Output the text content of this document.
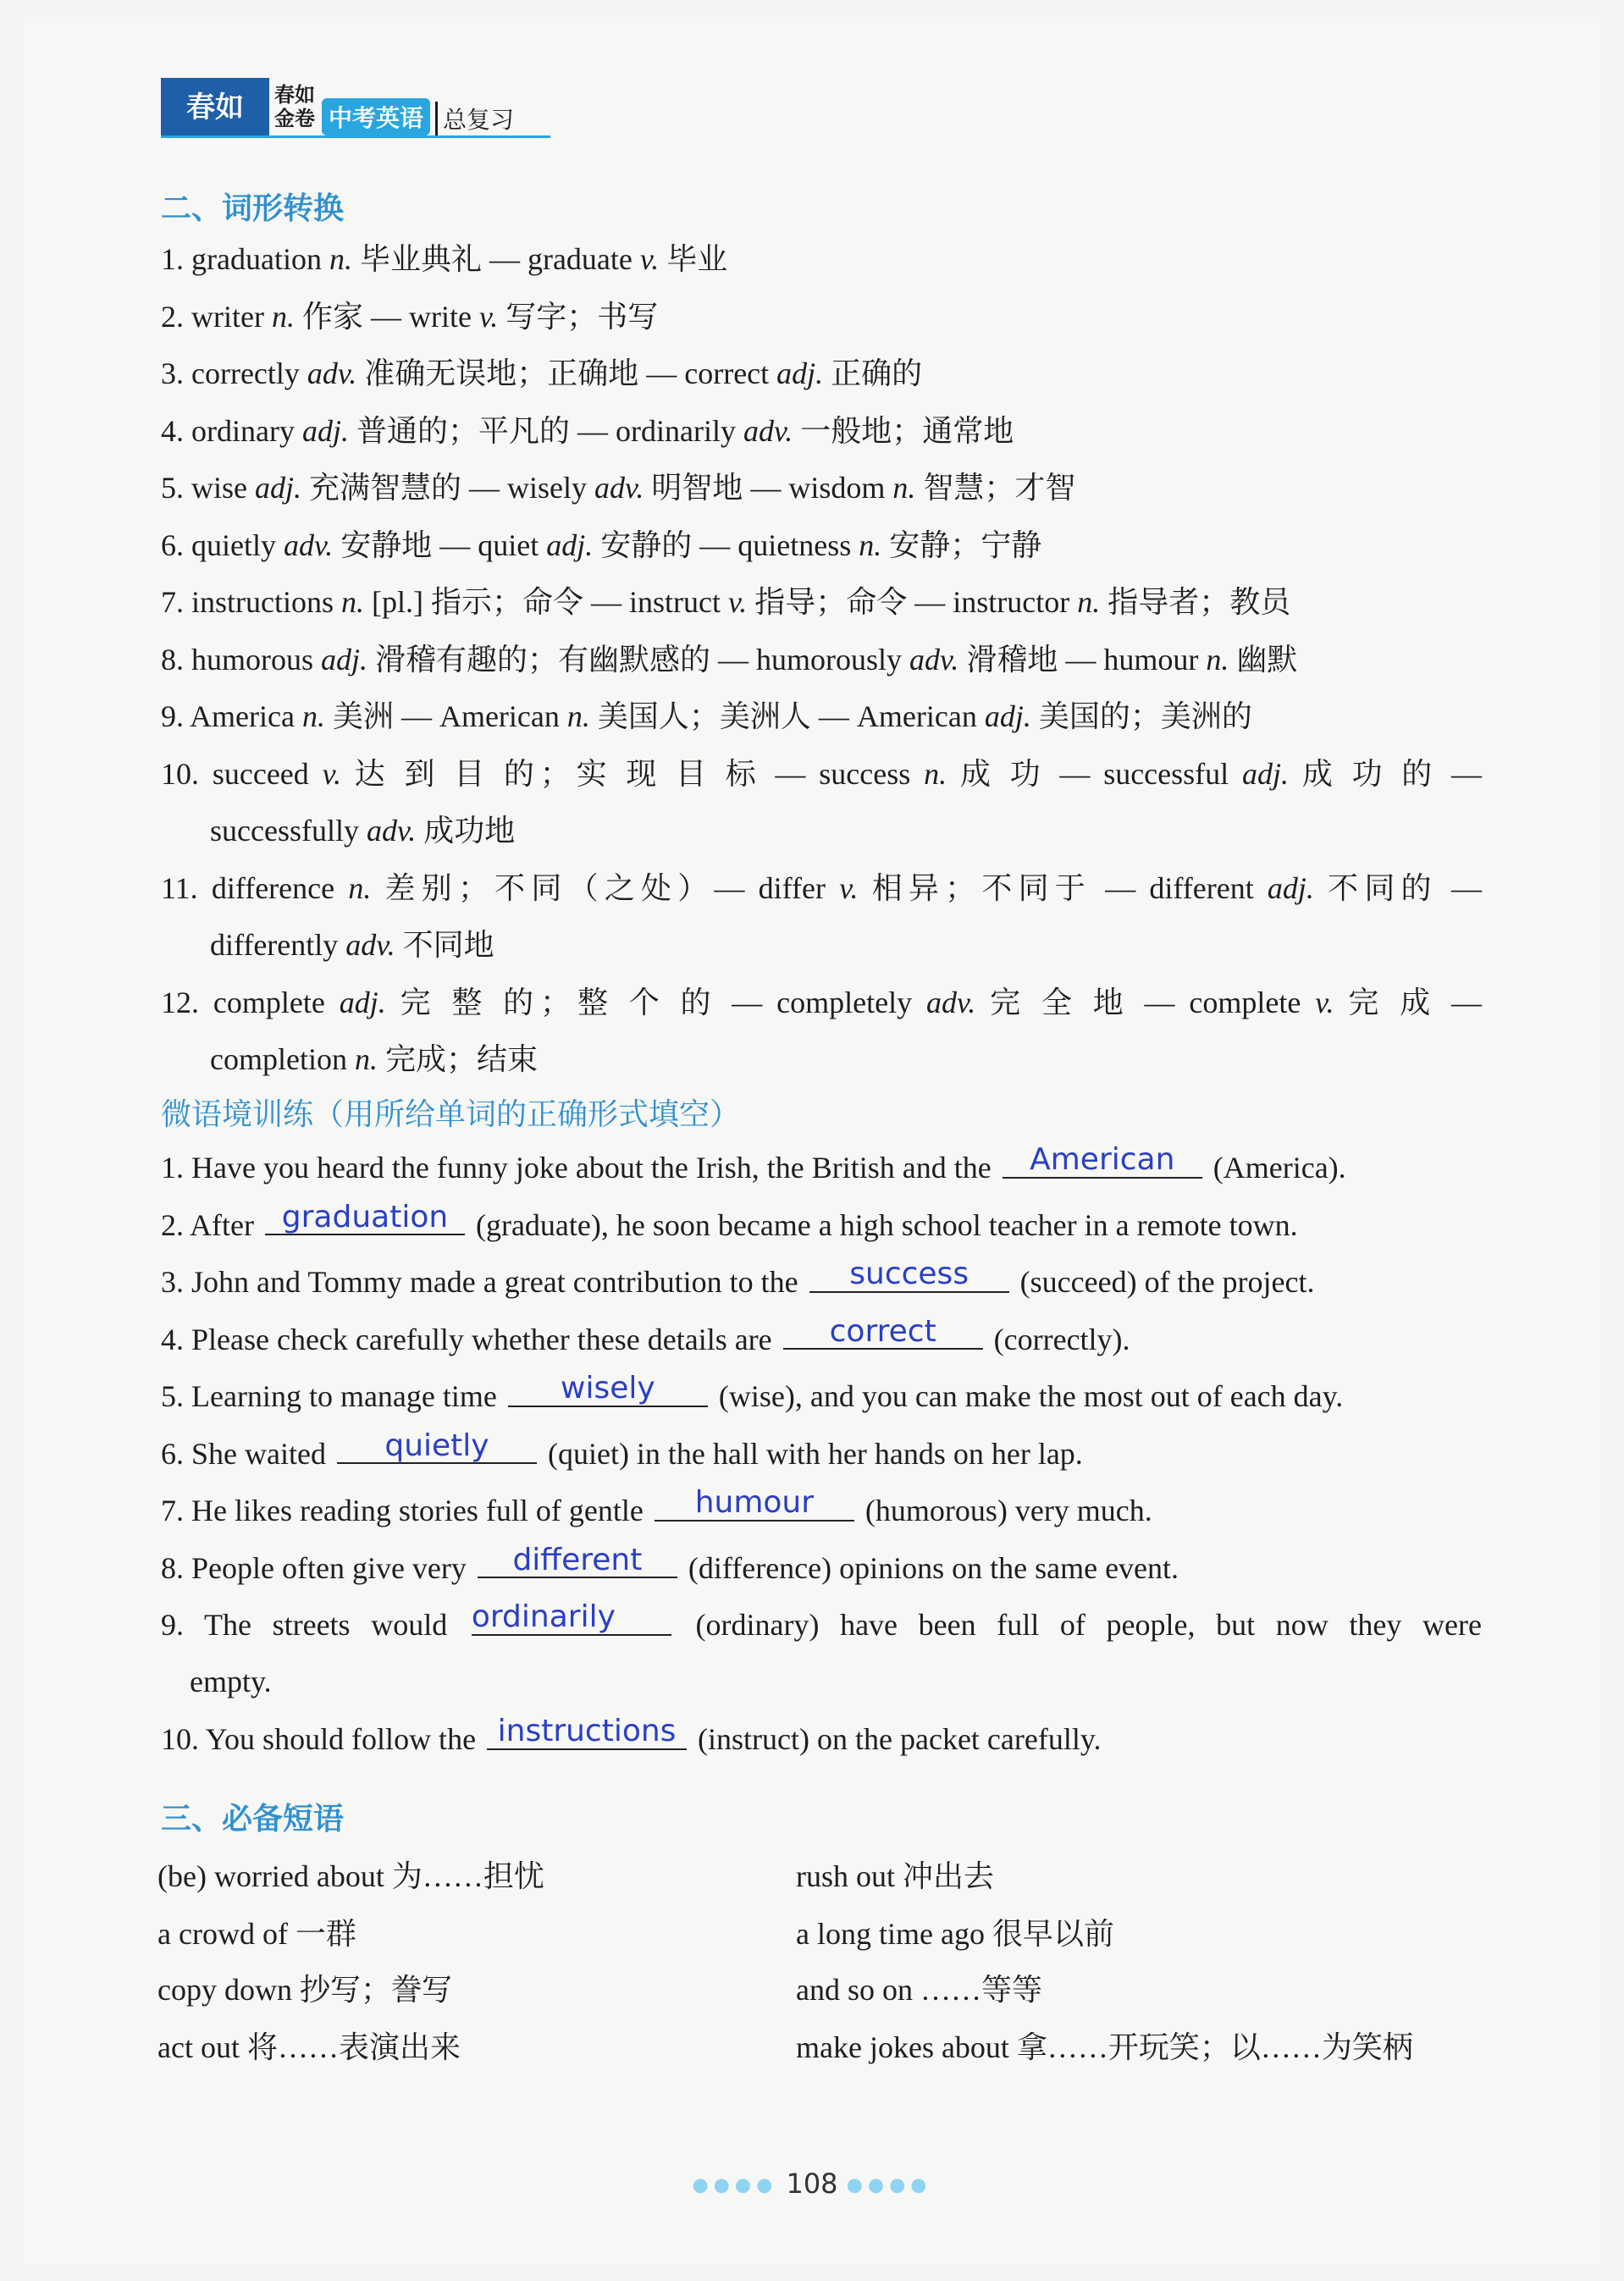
春如 春如
金卷 中考英语 总复习
二、词形转换
1. graduation n. 毕业典礼 — graduate v. 毕业
2. writer n. 作家 — write v. 写字；书写
3. correctly adv. 准确无误地；正确地 — correct adj. 正确的
4. ordinary adj. 普通的；平凡的 — ordinarily adv. 一般地；通常地
5. wise adj. 充满智慧的 — wisely adv. 明智地 — wisdom n. 智慧；才智
6. quietly adv. 安静地 — quiet adj. 安静的 — quietness n. 安静；宁静
7. instructions n. [pl.] 指示；命令 — instruct v. 指导；命令 — instructor n. 指导者；教员
8. humorous adj. 滑稽有趣的；有幽默感的 — humorously adv. 滑稽地 — humour n. 幽默
9. America n. 美洲 — American n. 美国人；美洲人 — American adj. 美国的；美洲的
10. succeed v. 达 到 目 的；实 现 目 标 — success n. 成 功 — successful adj. 成 功 的 —
successfully adv. 成功地
11. difference n. 差别；不同（之处）— differ v. 相异；不同于 — different adj. 不同的 —
differently adv. 不同地
12. complete adj. 完 整 的；整 个 的 — completely adv. 完 全 地 — complete v. 完 成 —
completion n. 完成；结束
微语境训练（用所给单词的正确形式填空）
1. Have you heard the funny joke about the Irish, the British and the American (America).
2. After graduation (graduate), he soon became a high school teacher in a remote town.
3. John and Tommy made a great contribution to the success (succeed) of the project.
4. Please check carefully whether these details are correct (correctly).
5. Learning to manage time wisely (wise), and you can make the most out of each day.
6. She waited quietly (quiet) in the hall with her hands on her lap.
7. He likes reading stories full of gentle humour (humorous) very much.
8. People often give very different (difference) opinions on the same event.
9. The streets would ordinarily (ordinary) have been full of people, but now they were
empty.
10. You should follow the instructions (instruct) on the packet carefully.
三、必备短语
(be) worried about 为……担忧
a crowd of 一群
copy down 抄写；誊写
act out 将……表演出来
rush out 冲出去
a long time ago 很早以前
and so on ……等等
make jokes about 拿……开玩笑；以……为笑柄
●●●● 108 ●●●●
